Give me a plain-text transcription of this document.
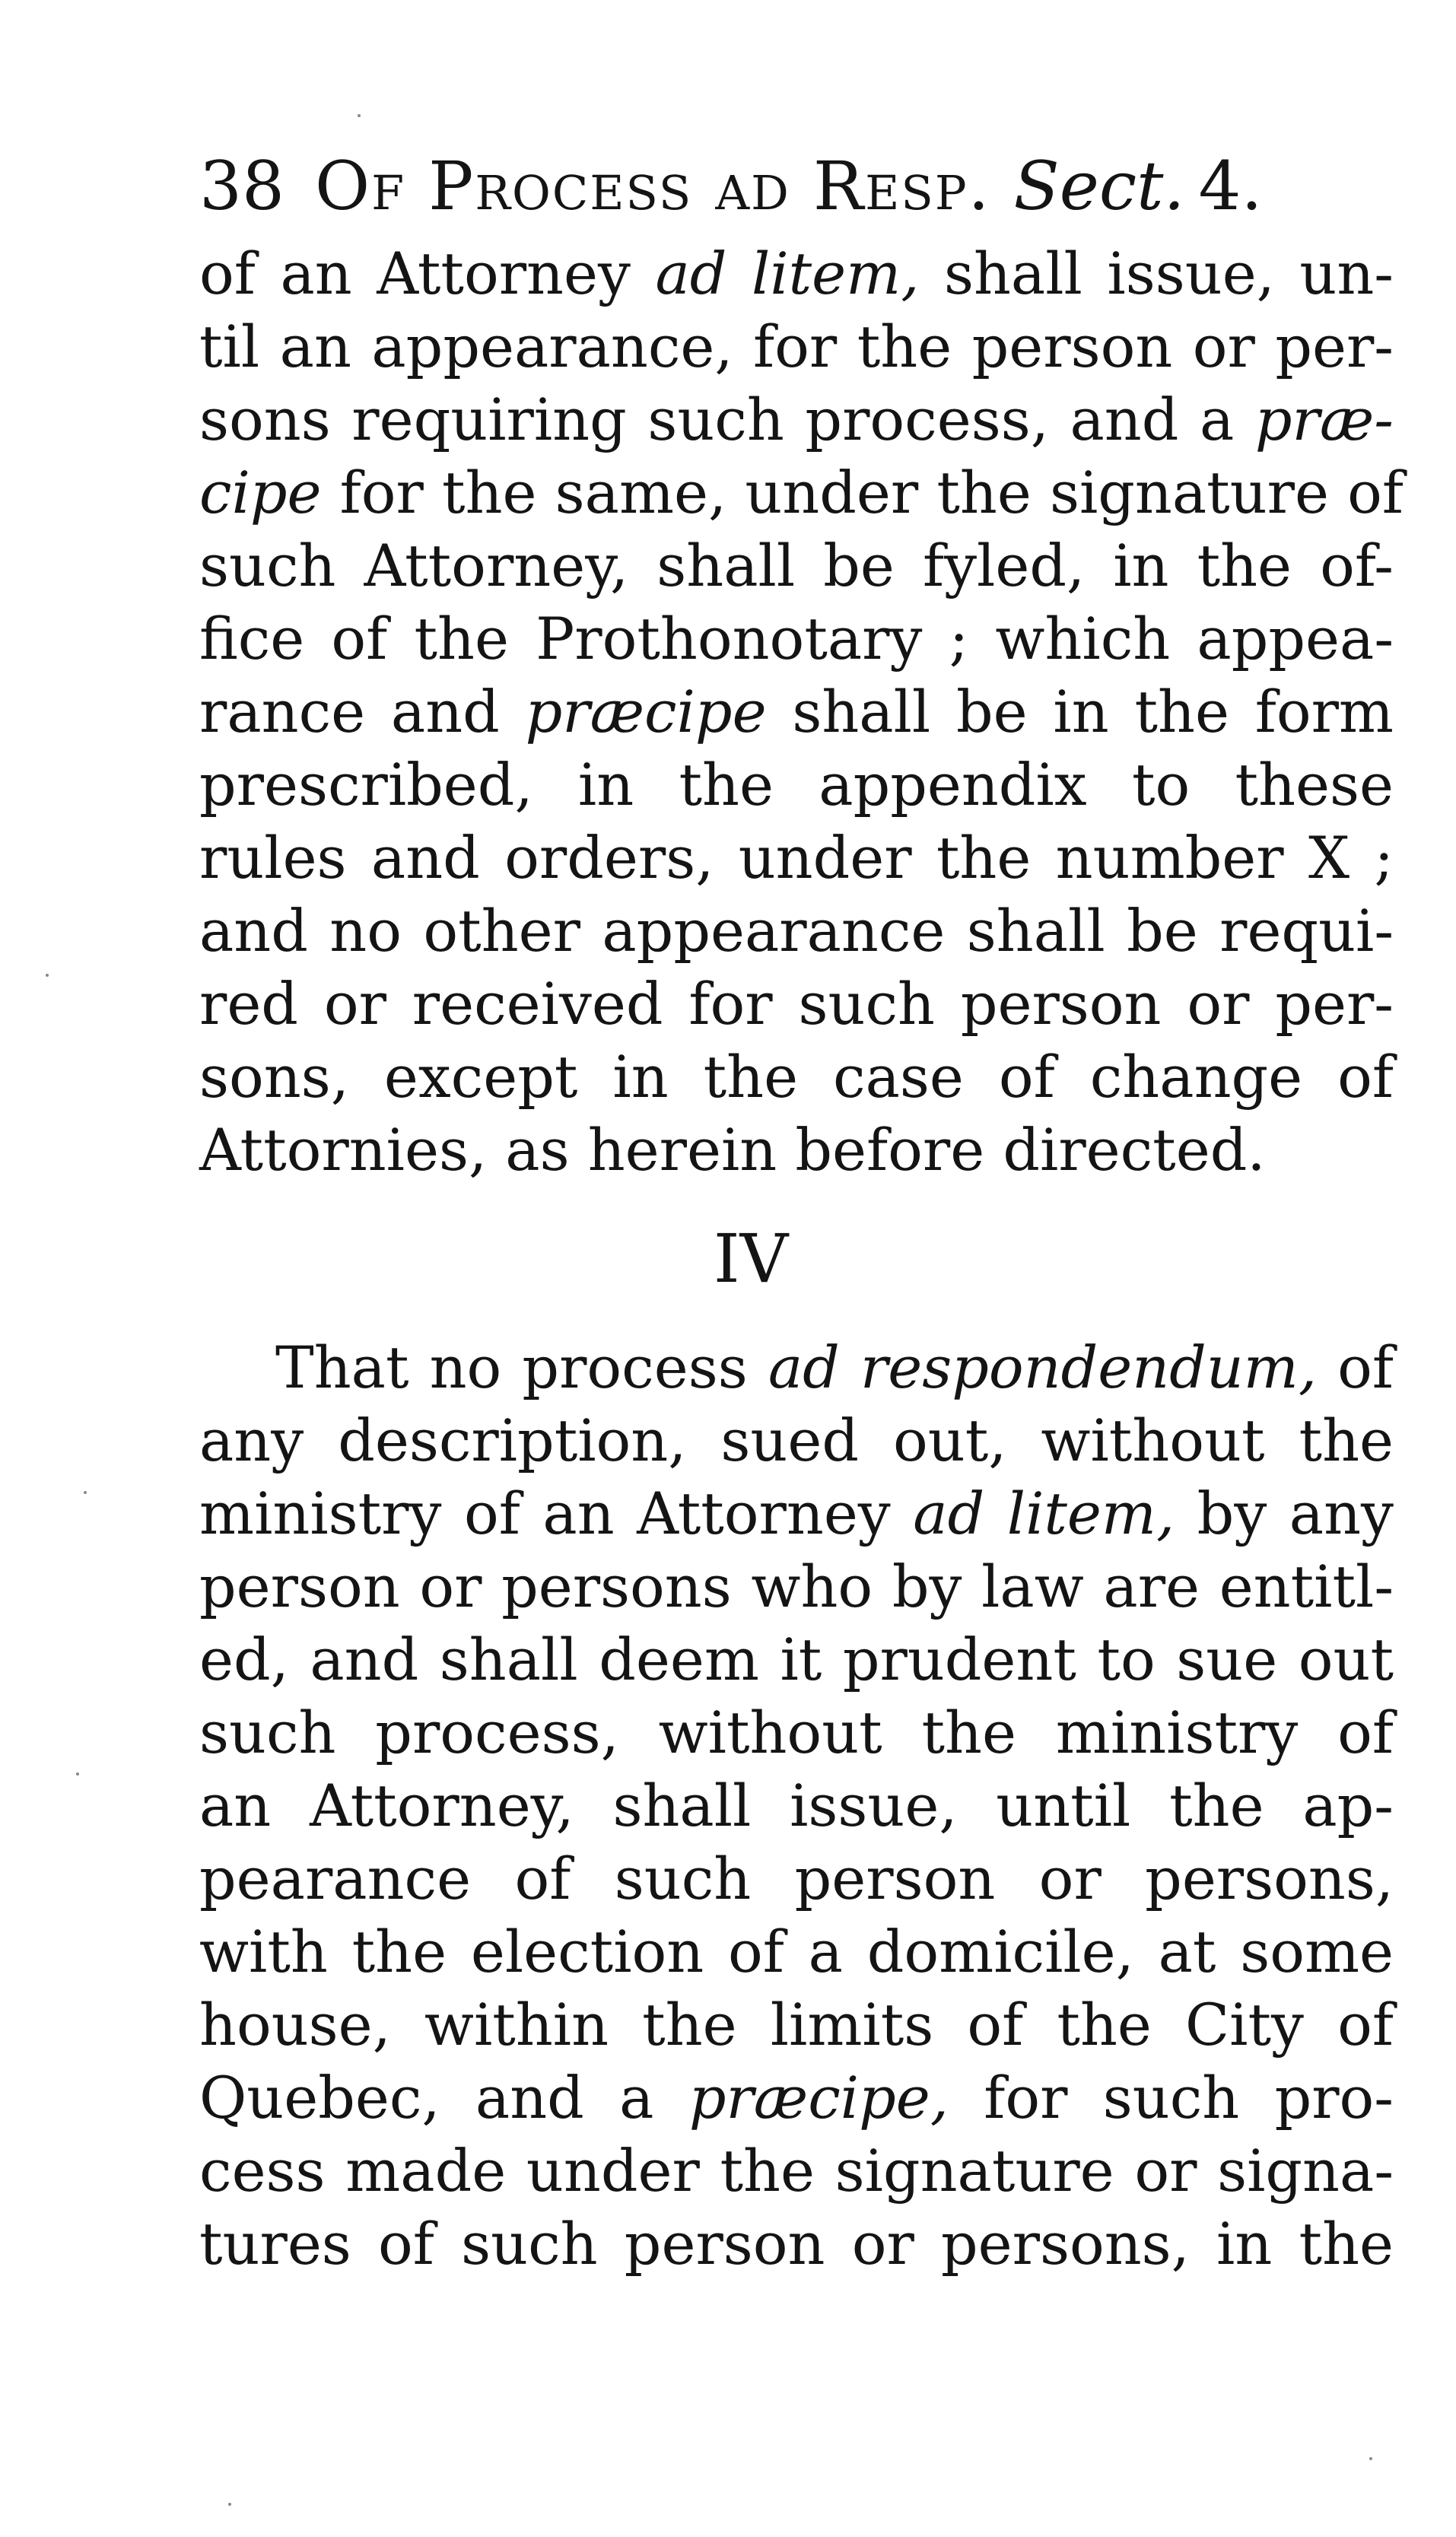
38 Of Process ad Resp. Sect. 4.
of an Attorney ad litem, shall issue, un-
til an appearance, for the person or per-
sons requiring such process, and a præ-
cipe for the same, under the signature of
such Attorney, shall be fyled, in the of-
fice of the Prothonotary ; which appea-
rance and præcipe shall be in the form
prescribed, in the appendix to these
rules and orders, under the number X ;
and no other appearance shall be requi-
red or received for such person or per-
sons, except in the case of change of
Attornies, as herein before directed.
IV
That no process ad respondendum, of
any description, sued out, without the
ministry of an Attorney ad litem, by any
person or persons who by law are entitl-
ed, and shall deem it prudent to sue out
such process, without the ministry of
an Attorney, shall issue, until the ap-
pearance of such person or persons,
with the election of a domicile, at some
house, within the limits of the City of
Quebec, and a præcipe, for such pro-
cess made under the signature or signa-
tures of such person or persons, in the
